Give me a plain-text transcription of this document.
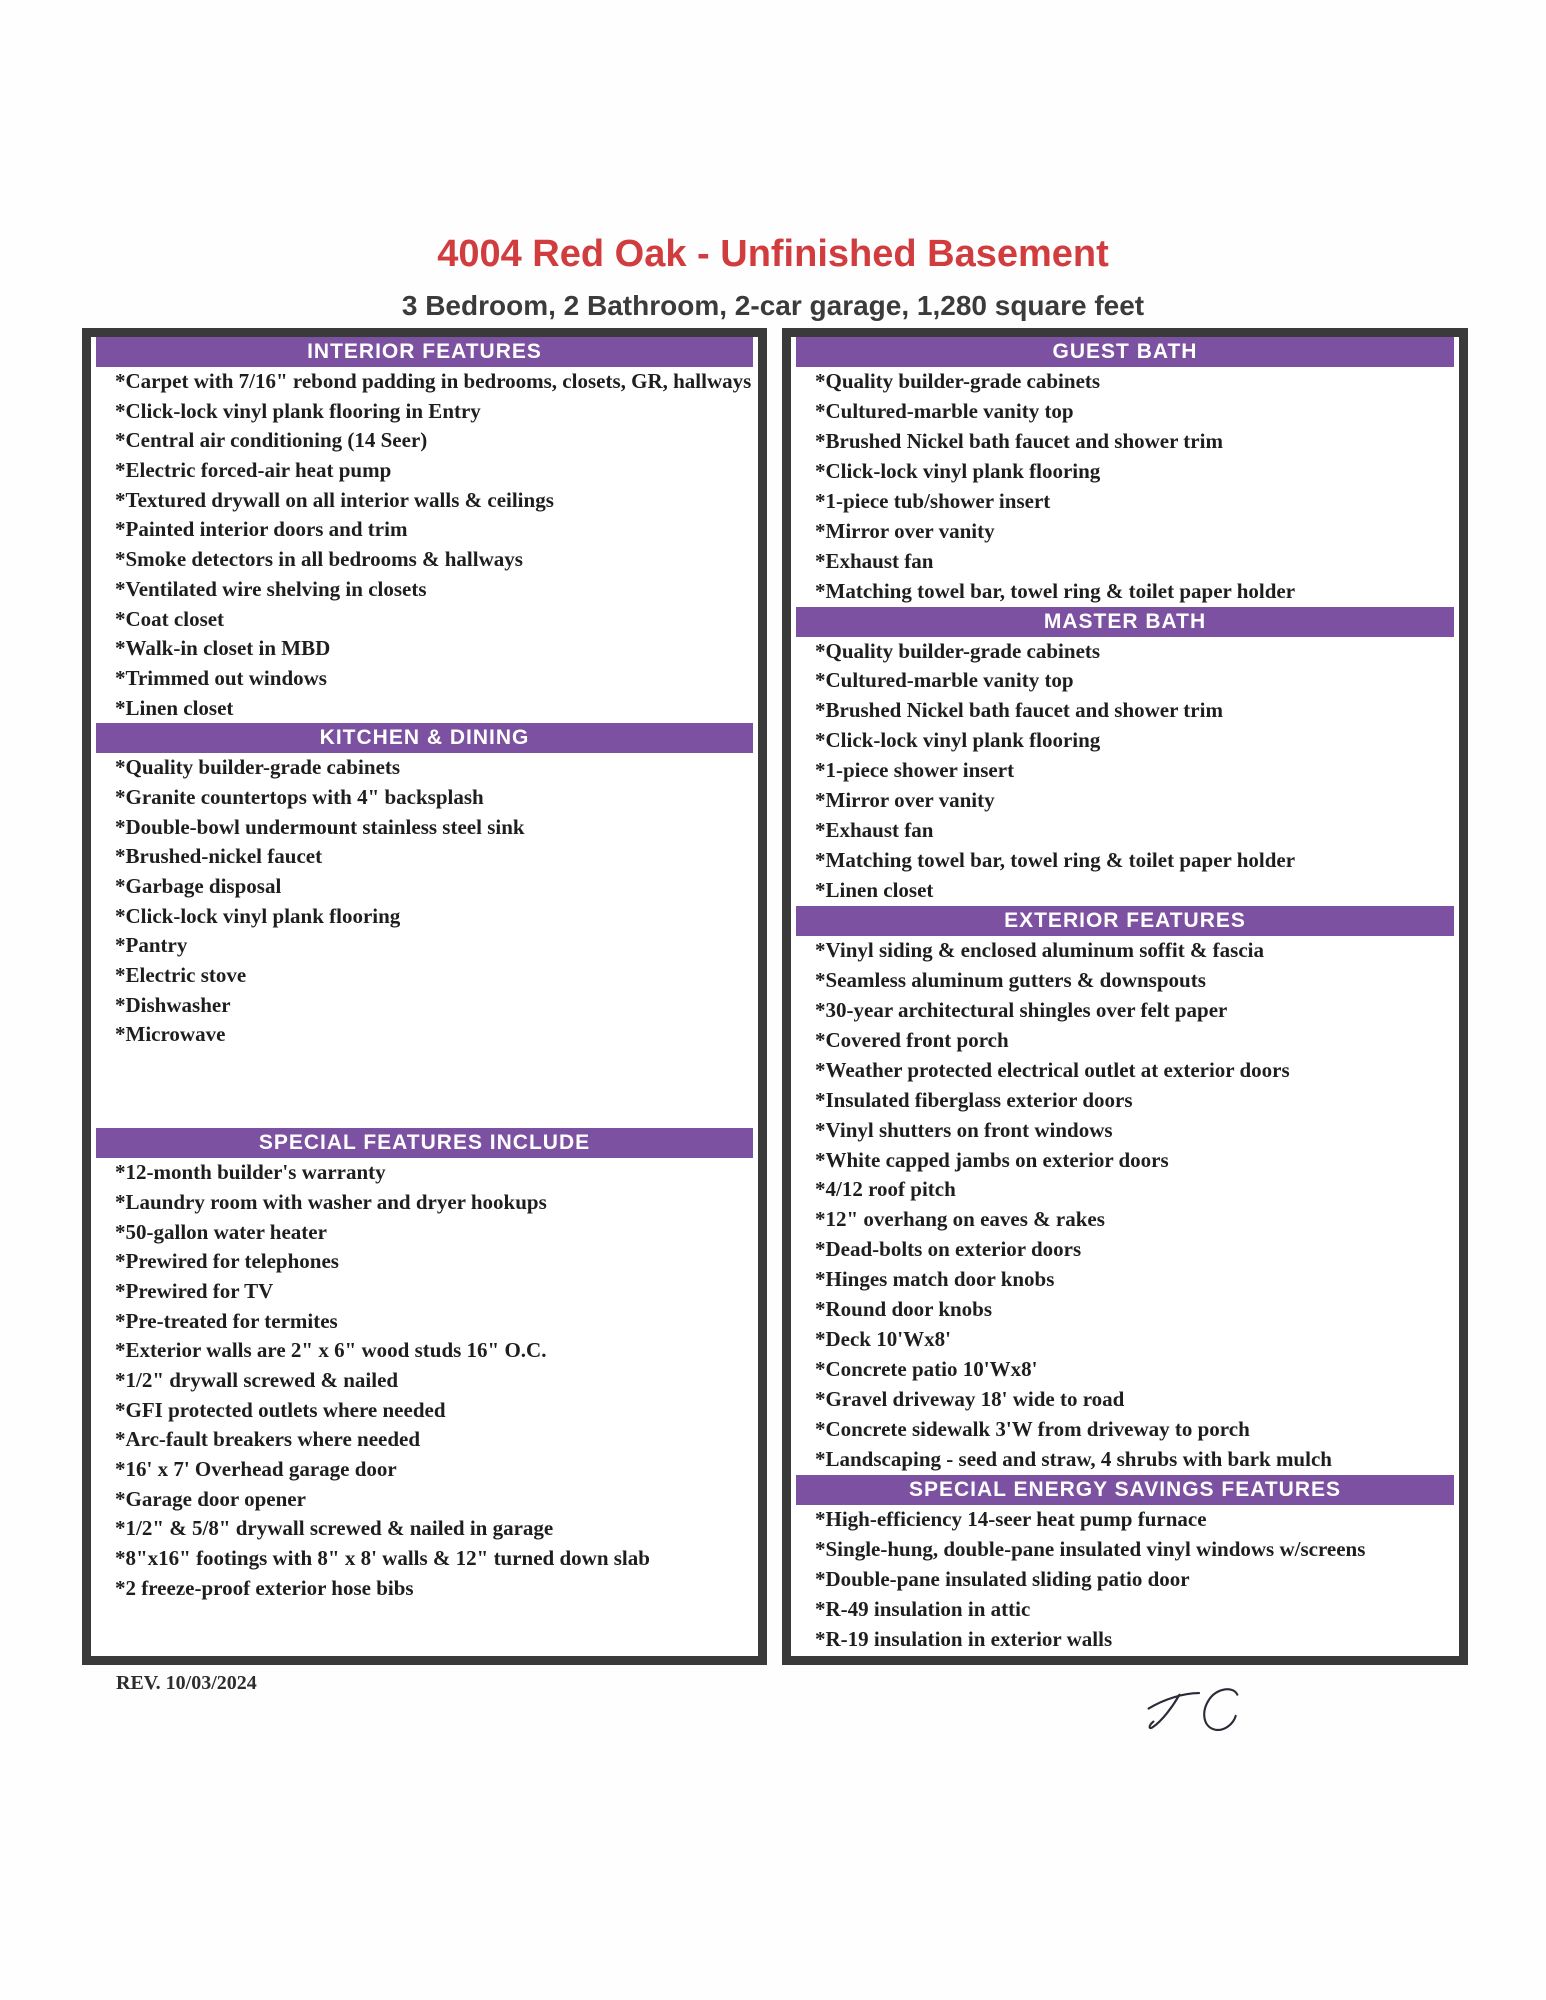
4004 Red Oak - Unfinished Basement
3 Bedroom, 2 Bathroom, 2-car garage, 1,280 square feet
INTERIOR FEATURES
*Carpet with 7/16" rebond padding in bedrooms, closets, GR, hallways
*Click-lock vinyl plank flooring in Entry
*Central air conditioning (14 Seer)
*Electric forced-air heat pump
*Textured drywall on all interior walls & ceilings
*Painted interior doors and trim
*Smoke detectors in all bedrooms & hallways
*Ventilated wire shelving in closets
*Coat closet
*Walk-in closet in MBD
*Trimmed out windows
*Linen closet
KITCHEN & DINING
*Quality builder-grade cabinets
*Granite countertops with 4" backsplash
*Double-bowl undermount stainless steel sink
*Brushed-nickel faucet
*Garbage disposal
*Click-lock vinyl plank flooring
*Pantry
*Electric stove
*Dishwasher
*Microwave
SPECIAL FEATURES INCLUDE
*12-month builder's warranty
*Laundry room with washer and dryer hookups
*50-gallon water heater
*Prewired for telephones
*Prewired for TV
*Pre-treated for termites
*Exterior walls are 2" x 6" wood studs 16" O.C.
*1/2" drywall screwed & nailed
*GFI protected outlets where needed
*Arc-fault breakers where needed
*16' x 7' Overhead garage door
*Garage door opener
*1/2" & 5/8" drywall screwed & nailed in garage
*8"x16" footings with 8" x 8' walls & 12" turned down slab
*2 freeze-proof exterior hose bibs
GUEST BATH
*Quality builder-grade cabinets
*Cultured-marble vanity top
*Brushed Nickel bath faucet and shower trim
*Click-lock vinyl plank flooring
*1-piece tub/shower insert
*Mirror over vanity
*Exhaust fan
*Matching towel bar, towel ring & toilet paper holder
MASTER BATH
*Quality builder-grade cabinets
*Cultured-marble vanity top
*Brushed Nickel bath faucet and shower trim
*Click-lock vinyl plank flooring
*1-piece shower insert
*Mirror over vanity
*Exhaust fan
*Matching towel bar, towel ring & toilet paper holder
*Linen closet
EXTERIOR FEATURES
*Vinyl siding & enclosed aluminum soffit & fascia
*Seamless aluminum gutters & downspouts
*30-year architectural shingles over felt paper
*Covered front porch
*Weather protected electrical outlet at exterior doors
*Insulated fiberglass exterior doors
*Vinyl shutters on front windows
*White capped jambs on exterior doors
*4/12 roof pitch
*12" overhang on eaves & rakes
*Dead-bolts on exterior doors
*Hinges match door knobs
*Round door knobs
*Deck 10'Wx8'
*Concrete patio 10'Wx8'
*Gravel driveway 18' wide to road
*Concrete sidewalk 3'W from driveway to porch
*Landscaping - seed and straw, 4 shrubs with bark mulch
SPECIAL ENERGY SAVINGS FEATURES
*High-efficiency 14-seer heat pump furnace
*Single-hung, double-pane insulated vinyl windows w/screens
*Double-pane insulated sliding patio door
*R-49 insulation in attic
*R-19 insulation in exterior walls
REV. 10/03/2024
